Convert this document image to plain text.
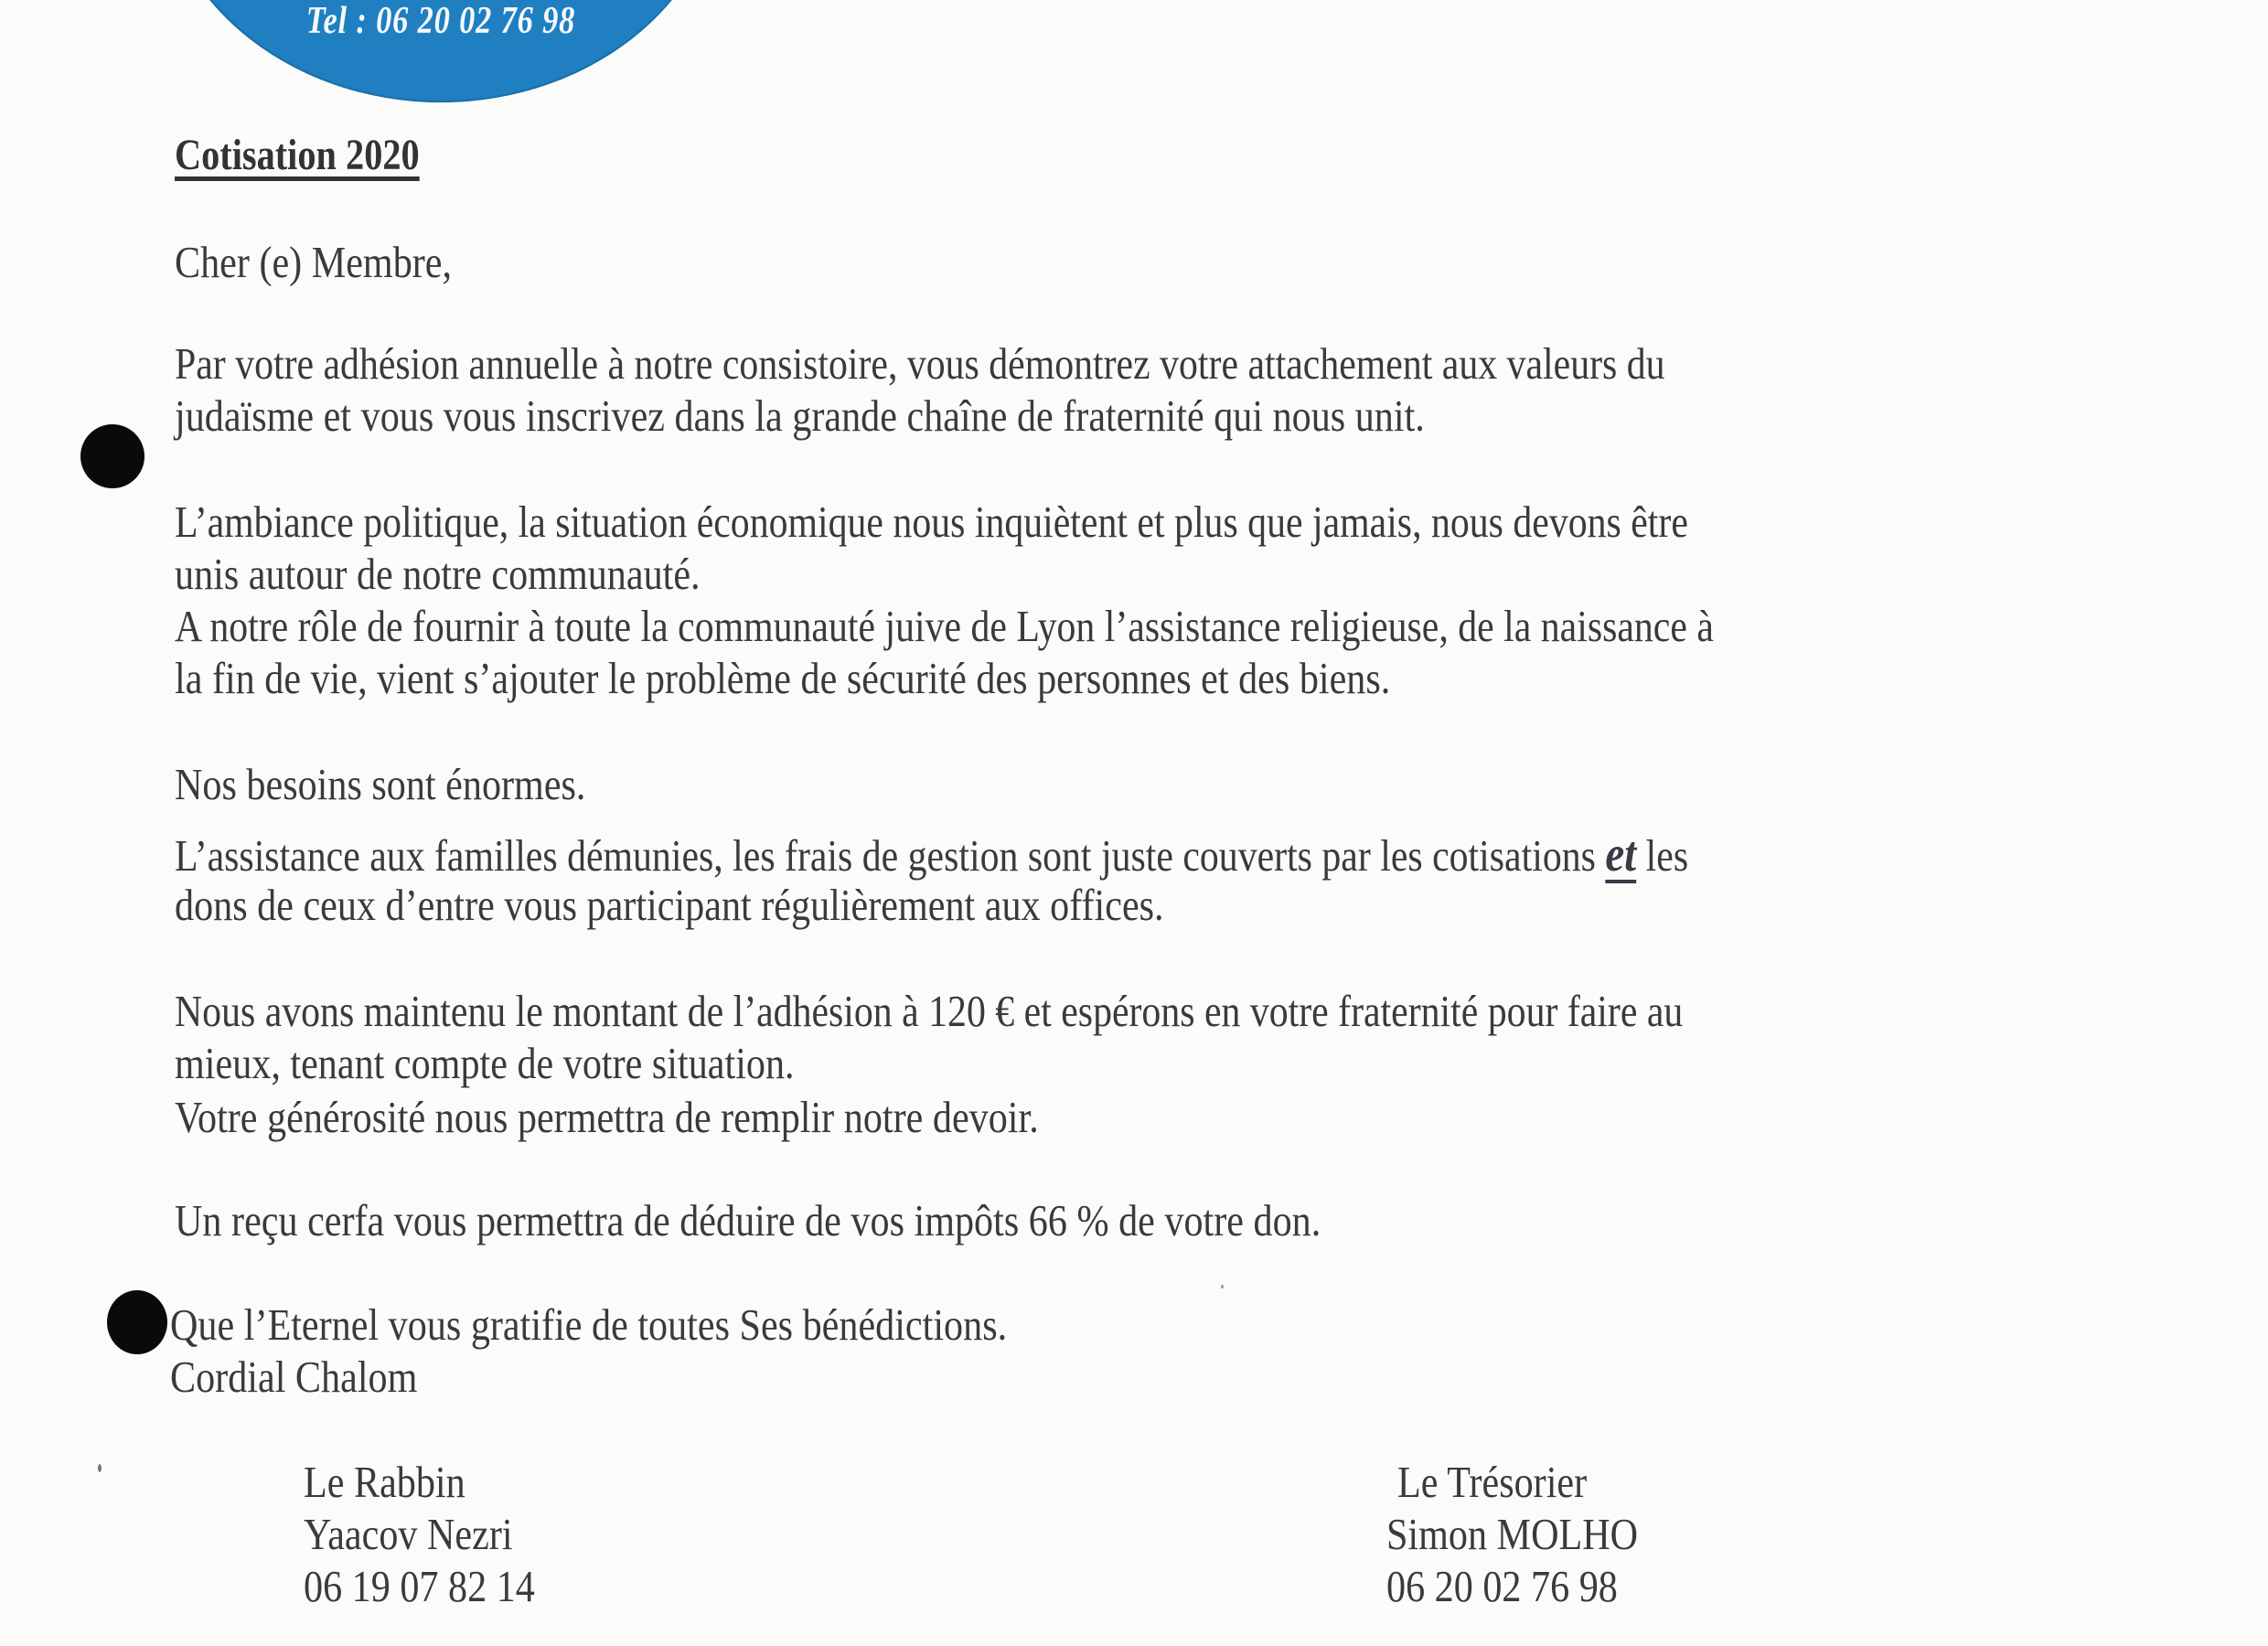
Tel : 06 20 02 76 98
Cotisation 2020
Cher (e) Membre,
Par votre adhésion annuelle à notre consistoire, vous démontrez votre attachement aux valeurs du
judaïsme et vous vous inscrivez dans la grande chaîne de fraternité qui nous unit.
L’ambiance politique, la situation économique nous inquiètent et plus que jamais, nous devons être
unis autour de notre communauté.
A notre rôle de fournir à toute la communauté juive de Lyon l’assistance religieuse, de la naissance à
la fin de vie, vient s’ajouter le problème de sécurité des personnes et des biens.
Nos besoins sont énormes.
L’assistance aux familles démunies, les frais de gestion sont juste couverts par les cotisations et les
dons de ceux d’entre vous participant régulièrement aux offices.
Nous avons maintenu le montant de l’adhésion à 120 € et espérons en votre fraternité pour faire au
mieux, tenant compte de votre situation.
Votre générosité nous permettra de remplir notre devoir.
Un reçu cerfa vous permettra de déduire de vos impôts 66 % de votre don.
Que l’Eternel vous gratifie de toutes Ses bénédictions.
Cordial Chalom
Le Rabbin
Yaacov Nezri
06 19 07 82 14
Le Trésorier
Simon MOLHO
06 20 02 76 98
